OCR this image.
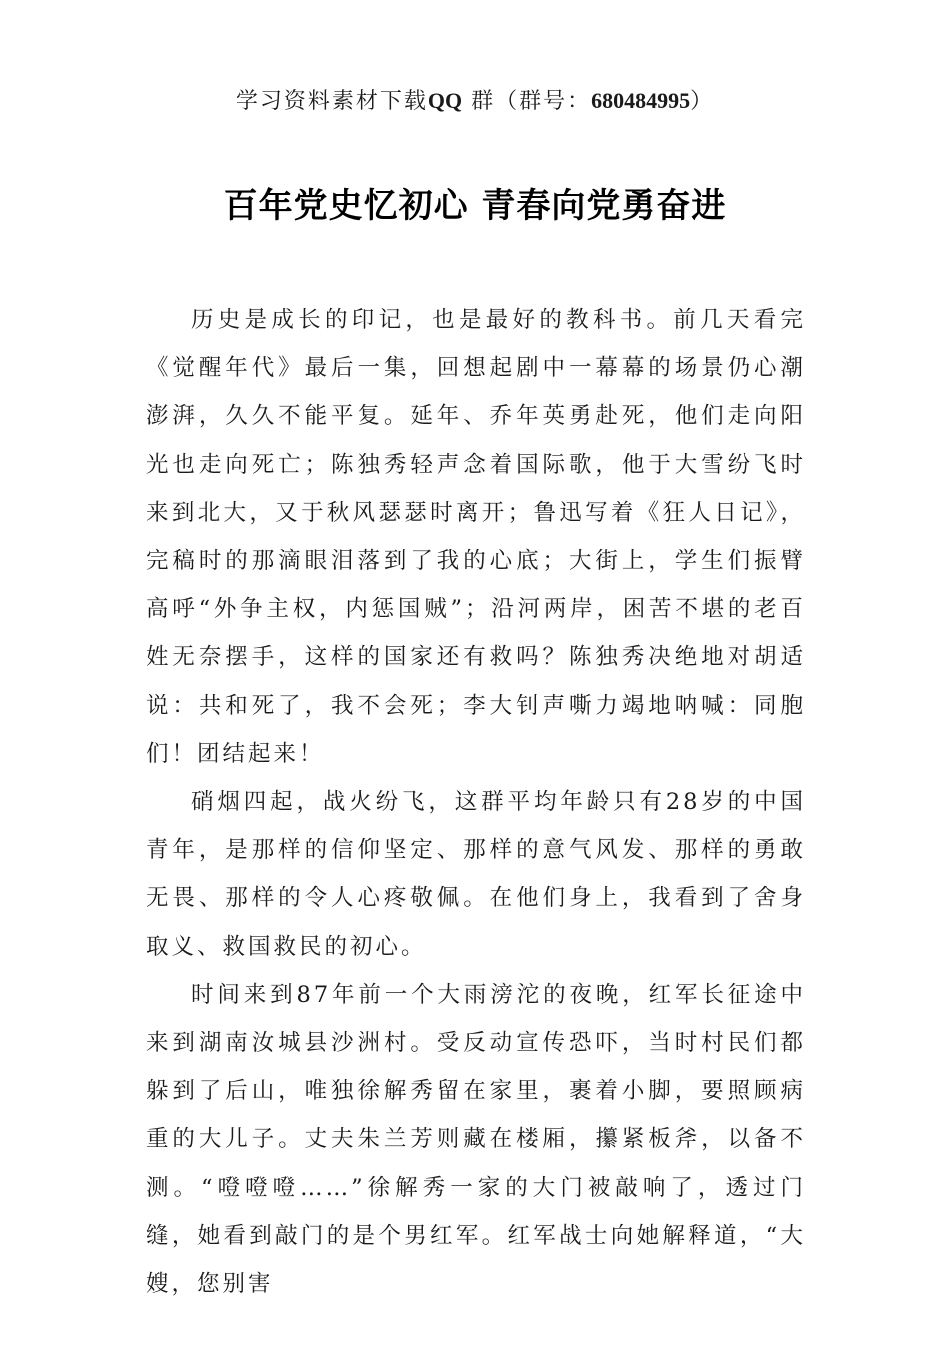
学习资料素材下载QQ 群（群号：680484995）
百年党史忆初心 青春向党勇奋进

历史是成长的印记，也是最好的教科书。前几天看完《觉醒年代》最后一集，回想起剧中一幕幕的场景仍心潮澎湃，久久不能平复。延年、乔年英勇赴死，他们走向阳光也走向死亡；陈独秀轻声念着国际歌，他于大雪纷飞时来到北大，又于秋风瑟瑟时离开；鲁迅写着《狂人日记》，完稿时的那滴眼泪落到了我的心底；大街上，学生们振臂高呼“外争主权，内惩国贼”；沿河两岸，困苦不堪的老百姓无奈摆手，这样的国家还有救吗？陈独秀决绝地对胡适说：共和死了，我不会死；李大钊声嘶力竭地呐喊：同胞们！团结起来！

硝烟四起，战火纷飞，这群平均年龄只有28岁的中国青年，是那样的信仰坚定、那样的意气风发、那样的勇敢无畏、那样的令人心疼敬佩。在他们身上，我看到了舍身取义、救国救民的初心。

时间来到87年前一个大雨滂沱的夜晚，红军长征途中来到湖南汝城县沙洲村。受反动宣传恐吓，当时村民们都躲到了后山，唯独徐解秀留在家里，裹着小脚，要照顾病重的大儿子。丈夫朱兰芳则藏在楼厢，攥紧板斧，以备不测。“噔噔噔……”徐解秀一家的大门被敲响了，透过门缝，她看到敲门的是个男红军。红军战士向她解释道，“大嫂，您别害
